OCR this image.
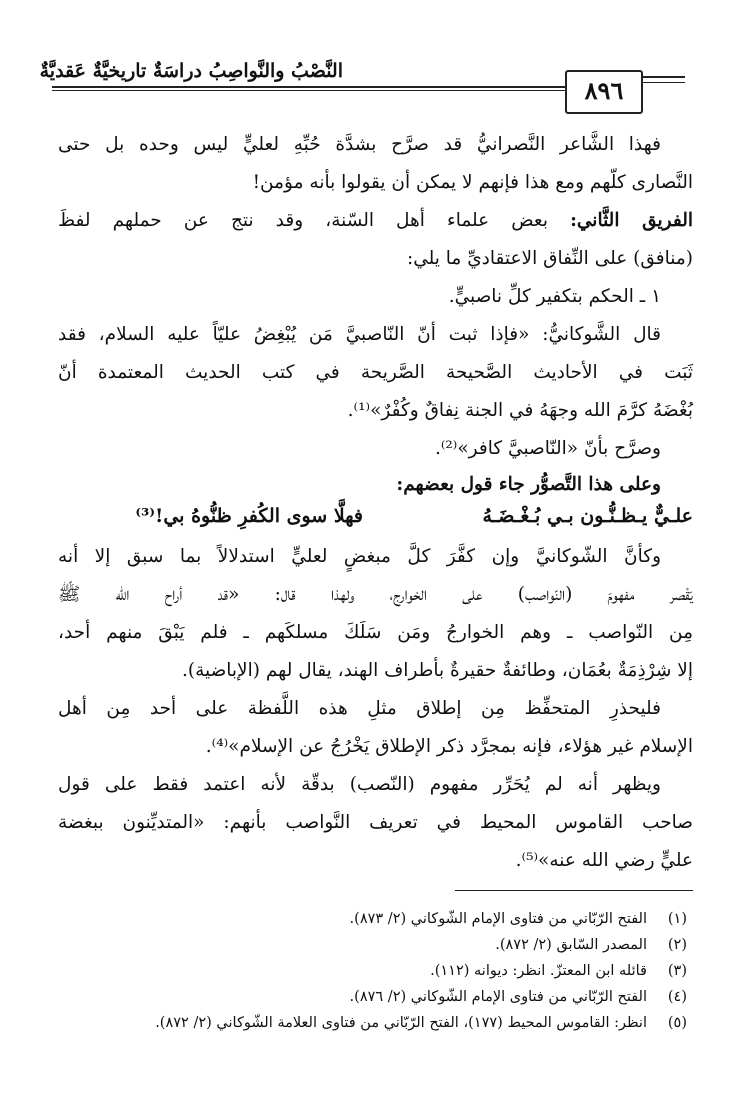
النَّصْبُ والنَّواصِبُ دراسَةٌ تاريخيَّةٌ عَقديَّةٌ
٨٩٦
فهذا الشَّاعر النَّصرانيُّ قد صرَّح بشدَّة حُبِّهِ لعليٍّ ليس وحده بل حتى
النَّصارى كلّهم ومع هذا فإنهم لا يمكن أن يقولوا بأنه مؤمن!
الفريق الثَّاني: بعض علماء أهل السّنة، وقد نتج عن حملهم لفظَ
(منافق) على النِّفاق الاعتقاديِّ ما يلي:
١ ـ الحكم بتكفير كلِّ ناصبيٍّ.
قال الشَّوكانيُّ: «فإذا ثبت أنّ النّاصبيَّ مَن يُبْغِضُ عليّاً عليه السلام، فقد
ثَبَت في الأحاديث الصَّحيحة الصَّريحة في كتب الحديث المعتمدة أنّ
بُغْضَهُ كرَّمَ الله وجهَهُ في الجنة نِفاقٌ وكُفْرٌ»⁽¹⁾.
وصرَّح بأنّ «النّاصبيَّ كافر»⁽²⁾.
وعلى هذا التَّصوُّر جاء قول بعضهم:
علـيٌّ يـظـنُّـون بـي بُـغْـضَـهُ
فهلَّا سوى الكُفرِ ظنُّوهُ بي!⁽³⁾
وكأنَّ الشّوكانيَّ وإن كفَّرَ كلَّ مبغضٍ لعليٍّ استدلالاً بما سبق إلا أنه
يَقْصر مفهومَ (النّواصب) على الخوارج، ولهذا قال: «قد أراح الله ﷺ
مِن النّواصب ـ وهم الخوارجُ ومَن سَلَكَ مسلكَهم ـ فلم يَبْقَ منهم أحد،
إلا شِرْذِمَةٌ بعُمَان، وطائفةٌ حقيرةٌ بأطراف الهند، يقال لهم (الإباضية).
فليحذرِ المتحفِّظ مِن إطلاق مثلِ هذه اللَّفظة على أحد مِن أهل
الإسلام غير هؤلاء، فإنه بمجرَّد ذكر الإطلاق يَخْرُجُ عن الإسلام»⁽⁴⁾.
ويظهر أنه لم يُحَرِّر مفهوم (النّصب) بدقّة لأنه اعتمد فقط على قول
صاحب القاموس المحيط في تعريف النَّواصب بأنهم: «المتديِّنون ببغضة
عليٍّ رضي الله عنه»⁽⁵⁾.
(١)الفتح الرّبّاني من فتاوى الإمام الشّوكاني (٢/ ٨٧٣).
(٢)المصدر السّابق (٢/ ٨٧٢).
(٣)قائله ابن المعتزّ. انظر: ديوانه (١١٢).
(٤)الفتح الرّبّاني من فتاوى الإمام الشّوكاني (٢/ ٨٧٦).
(٥)انظر: القاموس المحيط (١٧٧)، الفتح الرّبّاني من فتاوى العلامة الشّوكاني (٢/ ٨٧٢).
